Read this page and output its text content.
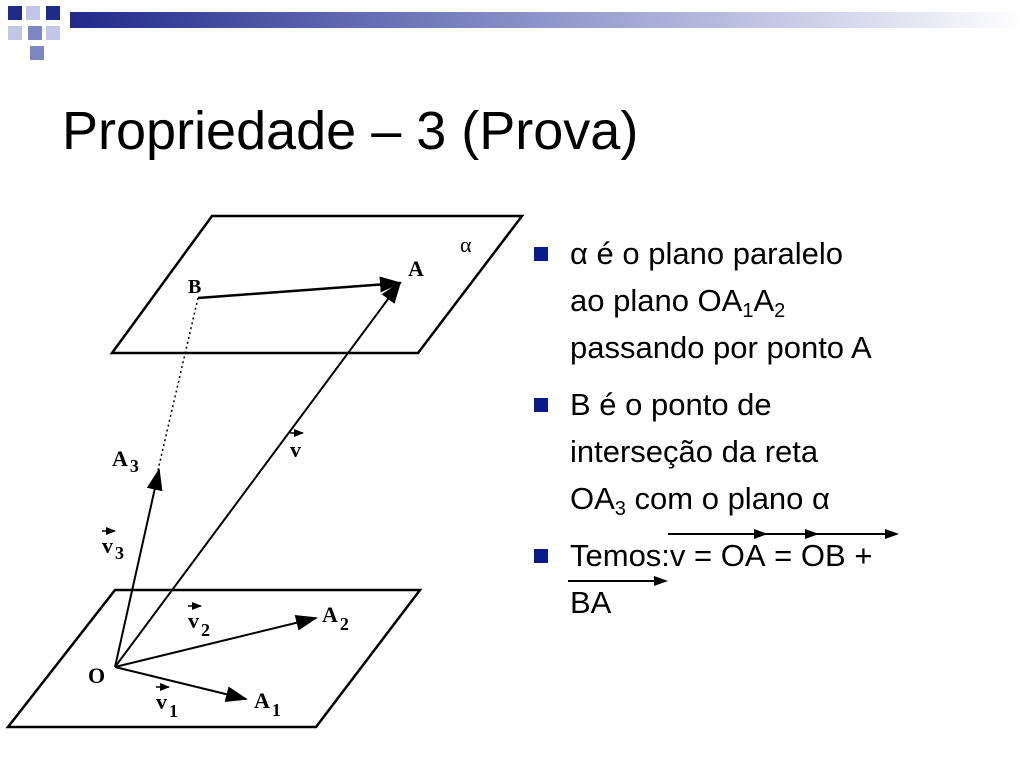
Propriedade – 3 (Prova)
α
B
A
v
A $_3$
v $_3$
A $_2$
v $_2$
O
A $_1$
v $_1$
α é o plano paralelo
ao plano $OA_1A_2$
passando por ponto A
B é o ponto de
interseção da reta
$OA_3$ com o plano α
Temos:
v =
OA =
OB +

BA
